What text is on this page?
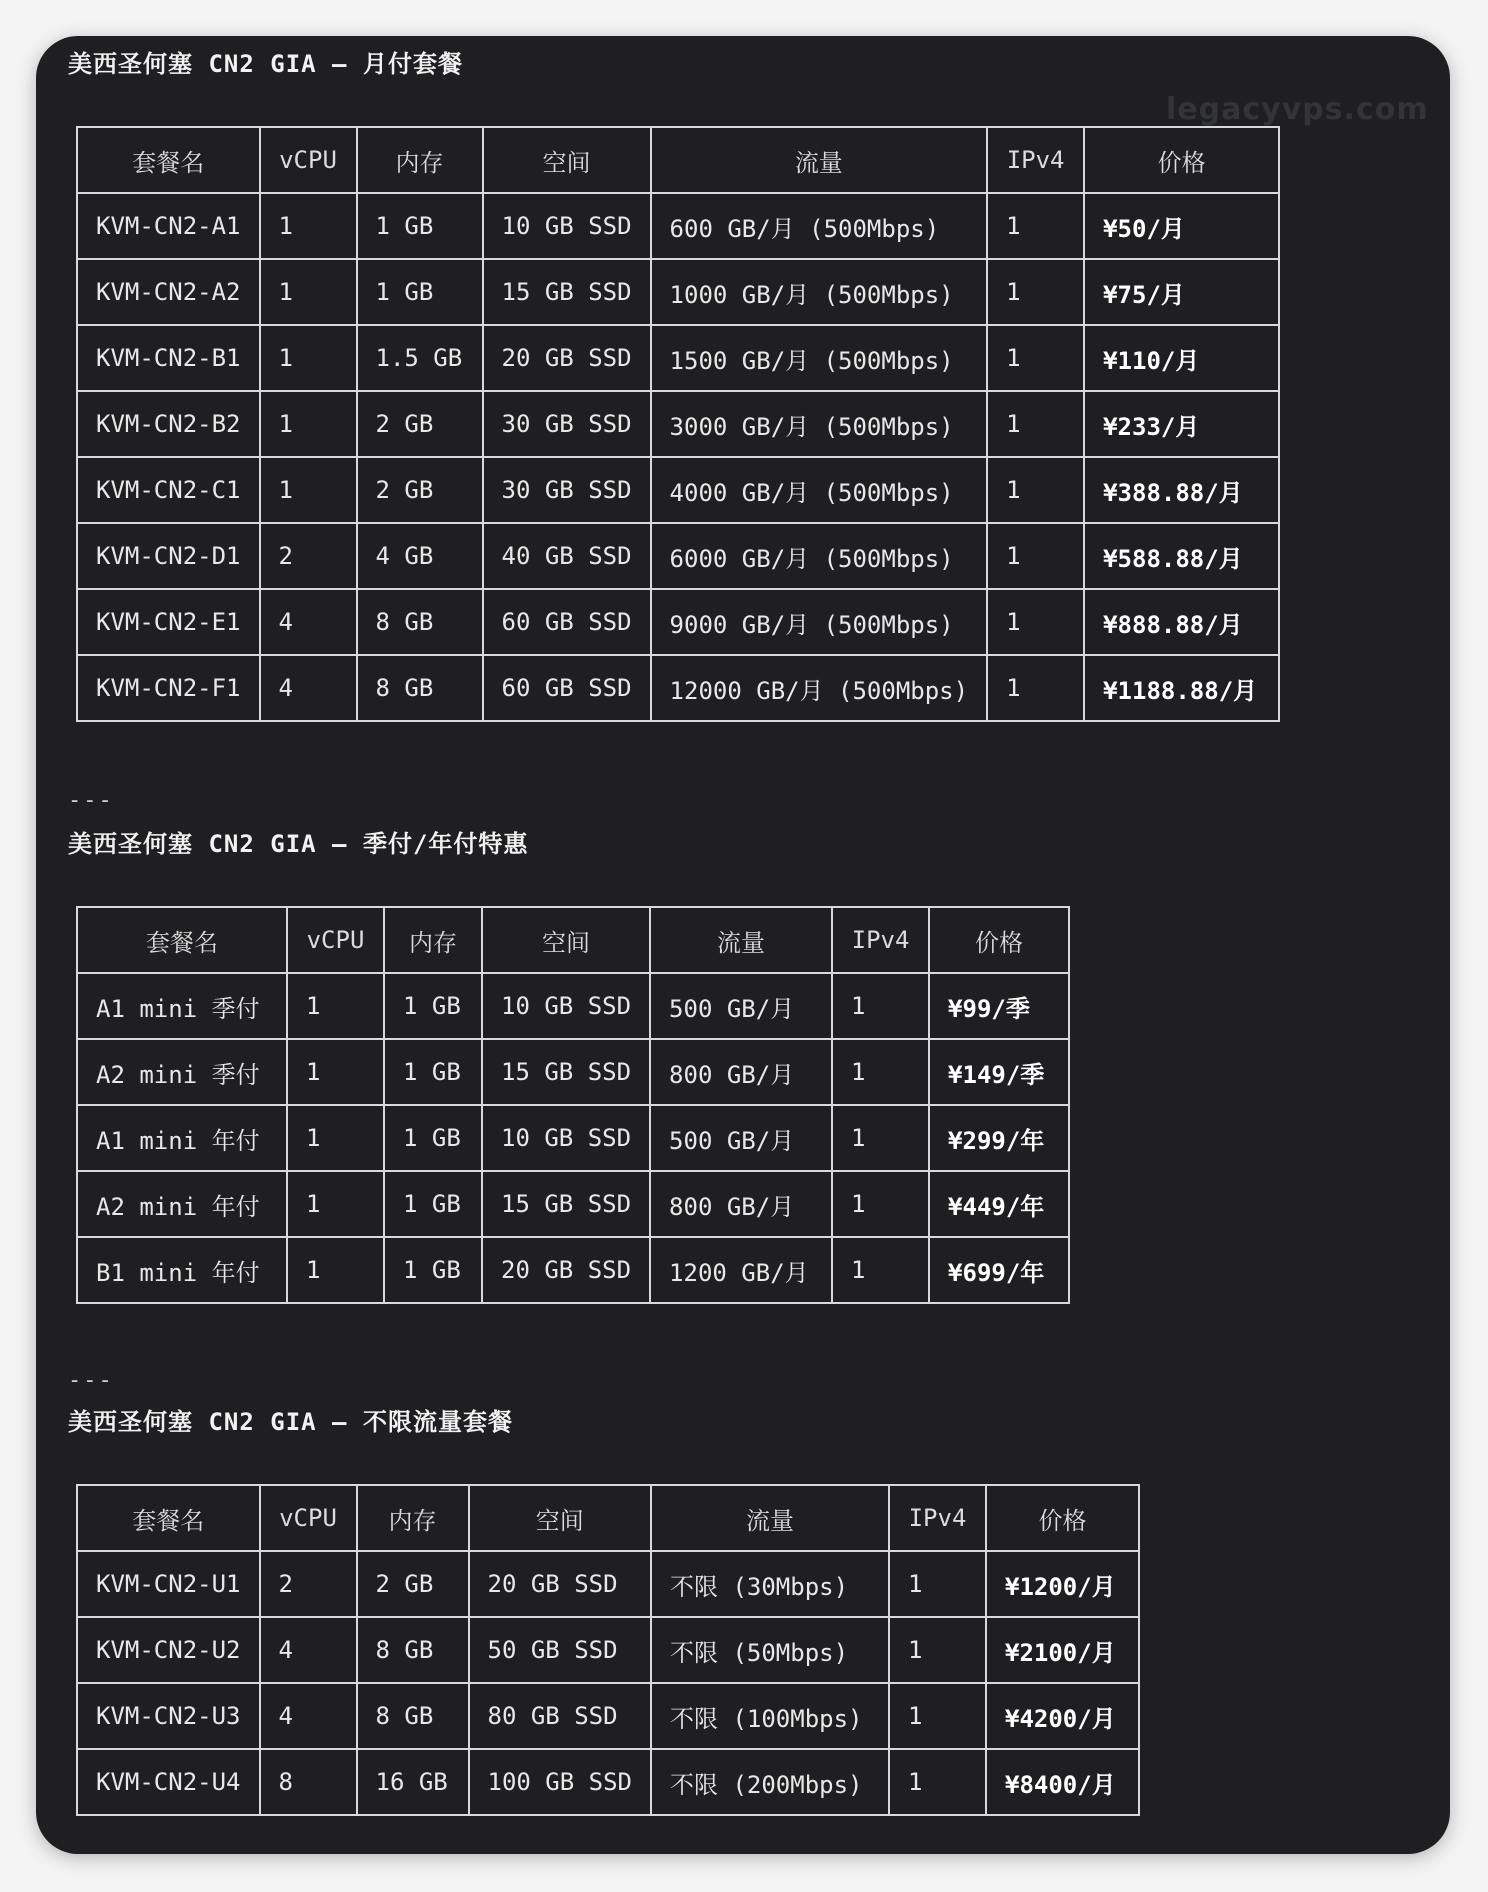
legacyvps.com
美西圣何塞 CN2 GIA – 月付套餐
套餐名	vCPU	内存	空间	流量	IPv4	价格
KVM-CN2-A1	1	1 GB	10 GB SSD	600 GB/月 (500Mbps)	1	¥50/月
KVM-CN2-A2	1	1 GB	15 GB SSD	1000 GB/月 (500Mbps)	1	¥75/月
KVM-CN2-B1	1	1.5 GB	20 GB SSD	1500 GB/月 (500Mbps)	1	¥110/月
KVM-CN2-B2	1	2 GB	30 GB SSD	3000 GB/月 (500Mbps)	1	¥233/月
KVM-CN2-C1	1	2 GB	30 GB SSD	4000 GB/月 (500Mbps)	1	¥388.88/月
KVM-CN2-D1	2	4 GB	40 GB SSD	6000 GB/月 (500Mbps)	1	¥588.88/月
KVM-CN2-E1	4	8 GB	60 GB SSD	9000 GB/月 (500Mbps)	1	¥888.88/月
KVM-CN2-F1	4	8 GB	60 GB SSD	12000 GB/月 (500Mbps)	1	¥1188.88/月
---
美西圣何塞 CN2 GIA – 季付/年付特惠
套餐名	vCPU	内存	空间	流量	IPv4	价格
A1 mini 季付	1	1 GB	10 GB SSD	500 GB/月	1	¥99/季
A2 mini 季付	1	1 GB	15 GB SSD	800 GB/月	1	¥149/季
A1 mini 年付	1	1 GB	10 GB SSD	500 GB/月	1	¥299/年
A2 mini 年付	1	1 GB	15 GB SSD	800 GB/月	1	¥449/年
B1 mini 年付	1	1 GB	20 GB SSD	1200 GB/月	1	¥699/年
---
美西圣何塞 CN2 GIA – 不限流量套餐
套餐名	vCPU	内存	空间	流量	IPv4	价格
KVM-CN2-U1	2	2 GB	20 GB SSD	不限 (30Mbps)	1	¥1200/月
KVM-CN2-U2	4	8 GB	50 GB SSD	不限 (50Mbps)	1	¥2100/月
KVM-CN2-U3	4	8 GB	80 GB SSD	不限 (100Mbps)	1	¥4200/月
KVM-CN2-U4	8	16 GB	100 GB SSD	不限 (200Mbps)	1	¥8400/月
